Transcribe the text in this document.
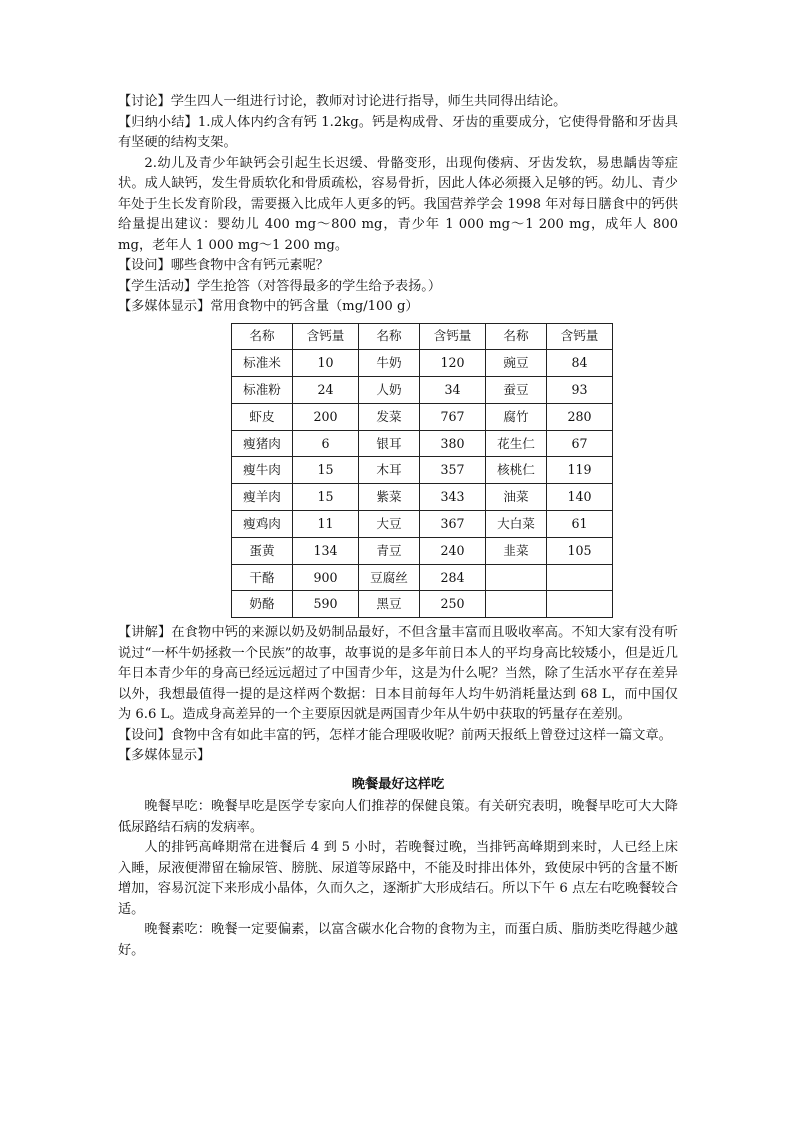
【讨论】学生四人一组进行讨论，教师对讨论进行指导，师生共同得出结论。

【归纳小结】1.成人体内约含有钙 1.2kg。钙是构成骨、牙齿的重要成分，它使得骨骼和牙齿具有坚硬的结构支架。

2.幼儿及青少年缺钙会引起生长迟缓、骨骼变形，出现佝偻病、牙齿发软，易患龋齿等症状。成人缺钙，发生骨质软化和骨质疏松，容易骨折，因此人体必须摄入足够的钙。幼儿、青少年处于生长发育阶段，需要摄入比成年人更多的钙。我国营养学会 1998 年对每日膳食中的钙供给量提出建议：婴幼儿 400 mg～800 mg，青少年 1 000 mg～1 200 mg，成年人 800 mg，老年人 1 000 mg～1 200 mg。

【设问】哪些食物中含有钙元素呢？

【学生活动】学生抢答（对答得最多的学生给予表扬。）

【多媒体显示】常用食物中的钙含量（mg/100 g）

名称	含钙量	名称	含钙量	名称	含钙量
标准米	10	牛奶	120	豌豆	84
标准粉	24	人奶	34	蚕豆	93
虾皮	200	发菜	767	腐竹	280
瘦猪肉	6	银耳	380	花生仁	67
瘦牛肉	15	木耳	357	核桃仁	119
瘦羊肉	15	紫菜	343	油菜	140
瘦鸡肉	11	大豆	367	大白菜	61
蛋黄	134	青豆	240	韭菜	105
干酪	900	豆腐丝	284		
奶酪	590	黑豆	250		

【讲解】在食物中钙的来源以奶及奶制品最好，不但含量丰富而且吸收率高。不知大家有没有听说过“一杯牛奶拯救一个民族”的故事，故事说的是多年前日本人的平均身高比较矮小，但是近几年日本青少年的身高已经远远超过了中国青少年，这是为什么呢？当然，除了生活水平存在差异以外，我想最值得一提的是这样两个数据：日本目前每年人均牛奶消耗量达到 68 L，而中国仅为 6.6 L。造成身高差异的一个主要原因就是两国青少年从牛奶中获取的钙量存在差别。

【设问】食物中含有如此丰富的钙，怎样才能合理吸收呢？前两天报纸上曾登过这样一篇文章。

【多媒体显示】

晚餐最好这样吃

晚餐早吃：晚餐早吃是医学专家向人们推荐的保健良策。有关研究表明，晚餐早吃可大大降低尿路结石病的发病率。

人的排钙高峰期常在进餐后 4 到 5 小时，若晚餐过晚，当排钙高峰期到来时，人已经上床入睡，尿液便滞留在输尿管、膀胱、尿道等尿路中，不能及时排出体外，致使尿中钙的含量不断增加，容易沉淀下来形成小晶体，久而久之，逐渐扩大形成结石。所以下午 6 点左右吃晚餐较合适。

晚餐素吃：晚餐一定要偏素，以富含碳水化合物的食物为主，而蛋白质、脂肪类吃得越少越好。
